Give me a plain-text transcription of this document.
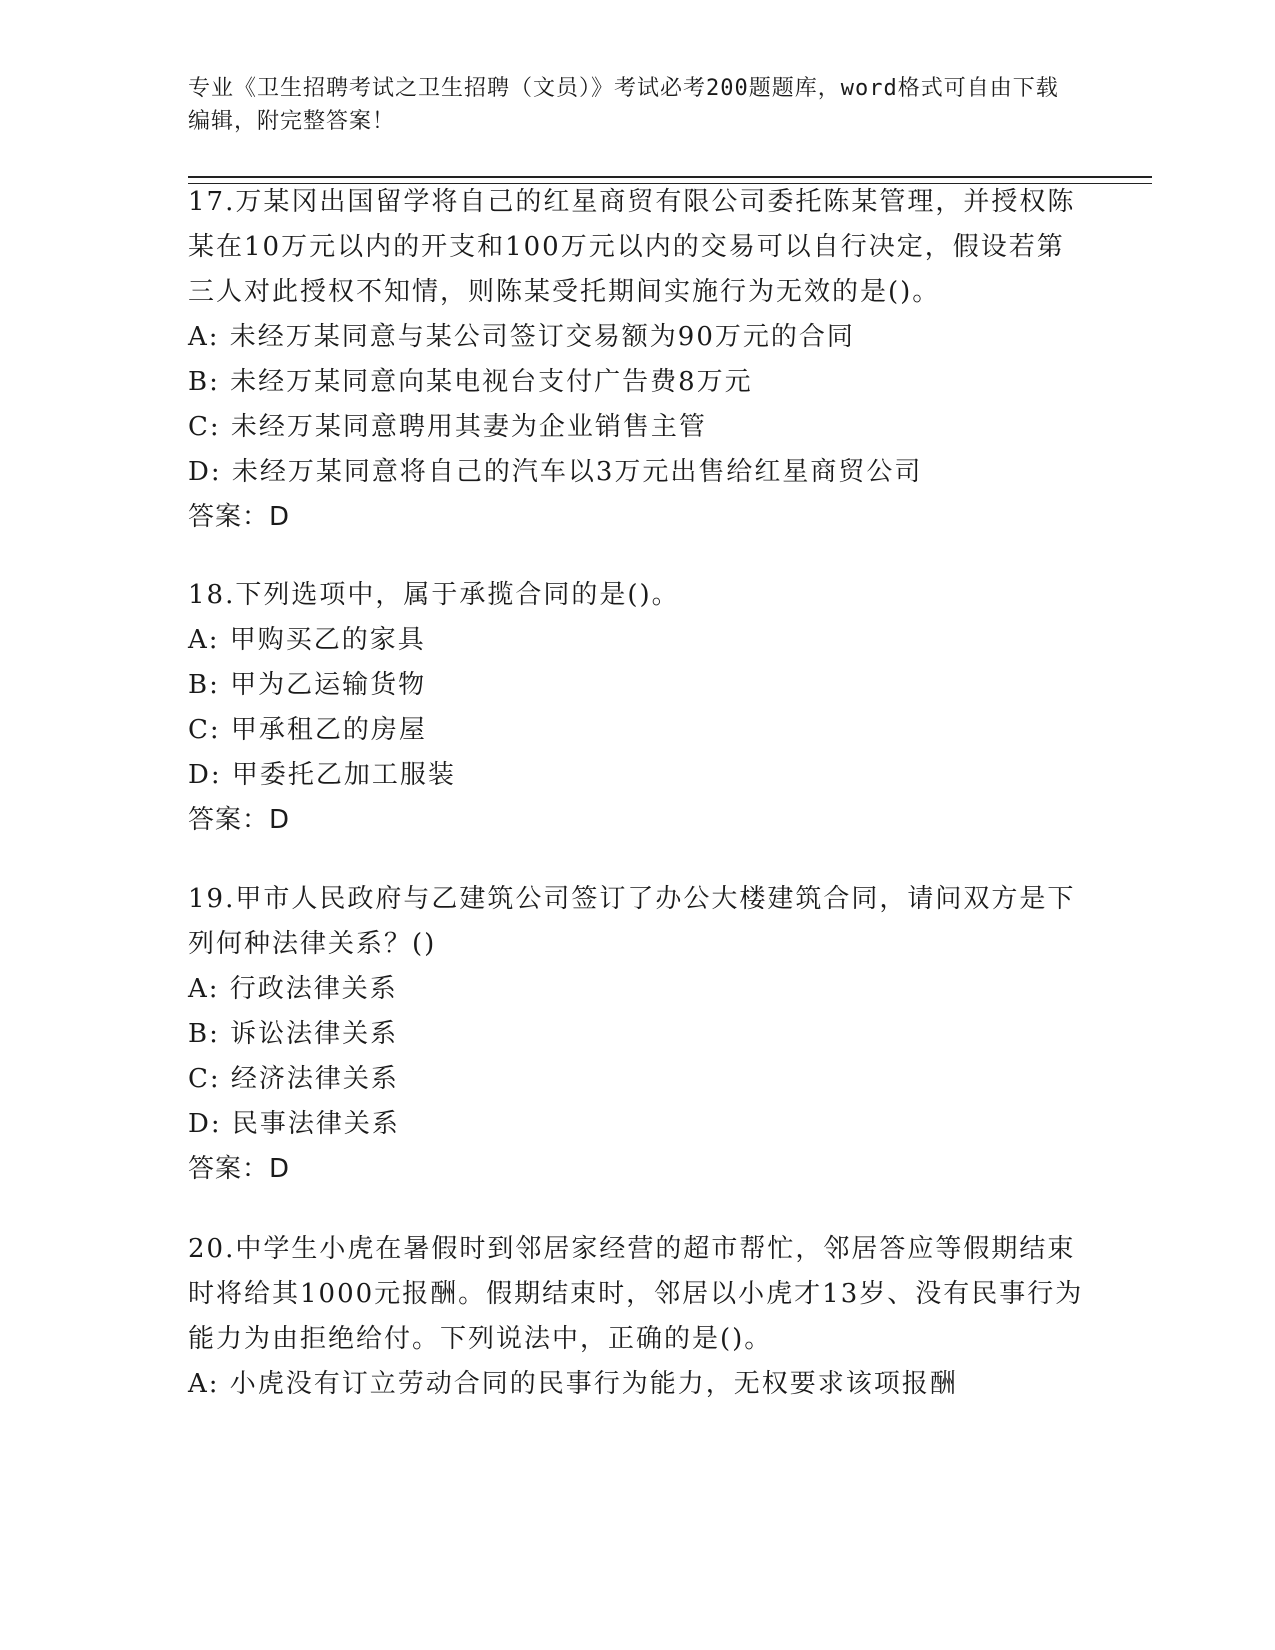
专业《卫生招聘考试之卫生招聘（文员）》考试必考200题题库，word格式可自由下载编辑，附完整答案！

17.万某冈出国留学将自己的红星商贸有限公司委托陈某管理，并授权陈某在10万元以内的开支和100万元以内的交易可以自行决定，假设若第三人对此授权不知情，则陈某受托期间实施行为无效的是()。

A: 未经万某同意与某公司签订交易额为90万元的合同

B: 未经万某同意向某电视台支付广告费8万元

C: 未经万某同意聘用其妻为企业销售主管

D: 未经万某同意将自己的汽车以3万元出售给红星商贸公司

答案：D

18.下列选项中，属于承揽合同的是()。

A: 甲购买乙的家具

B: 甲为乙运输货物

C: 甲承租乙的房屋

D: 甲委托乙加工服装

答案：D

19.甲市人民政府与乙建筑公司签订了办公大楼建筑合同，请问双方是下列何种法律关系？()

A: 行政法律关系

B: 诉讼法律关系

C: 经济法律关系

D: 民事法律关系

答案：D

20.中学生小虎在暑假时到邻居家经营的超市帮忙，邻居答应等假期结束时将给其1000元报酬。假期结束时，邻居以小虎才13岁、没有民事行为能力为由拒绝给付。下列说法中，正确的是()。

A: 小虎没有订立劳动合同的民事行为能力，无权要求该项报酬
